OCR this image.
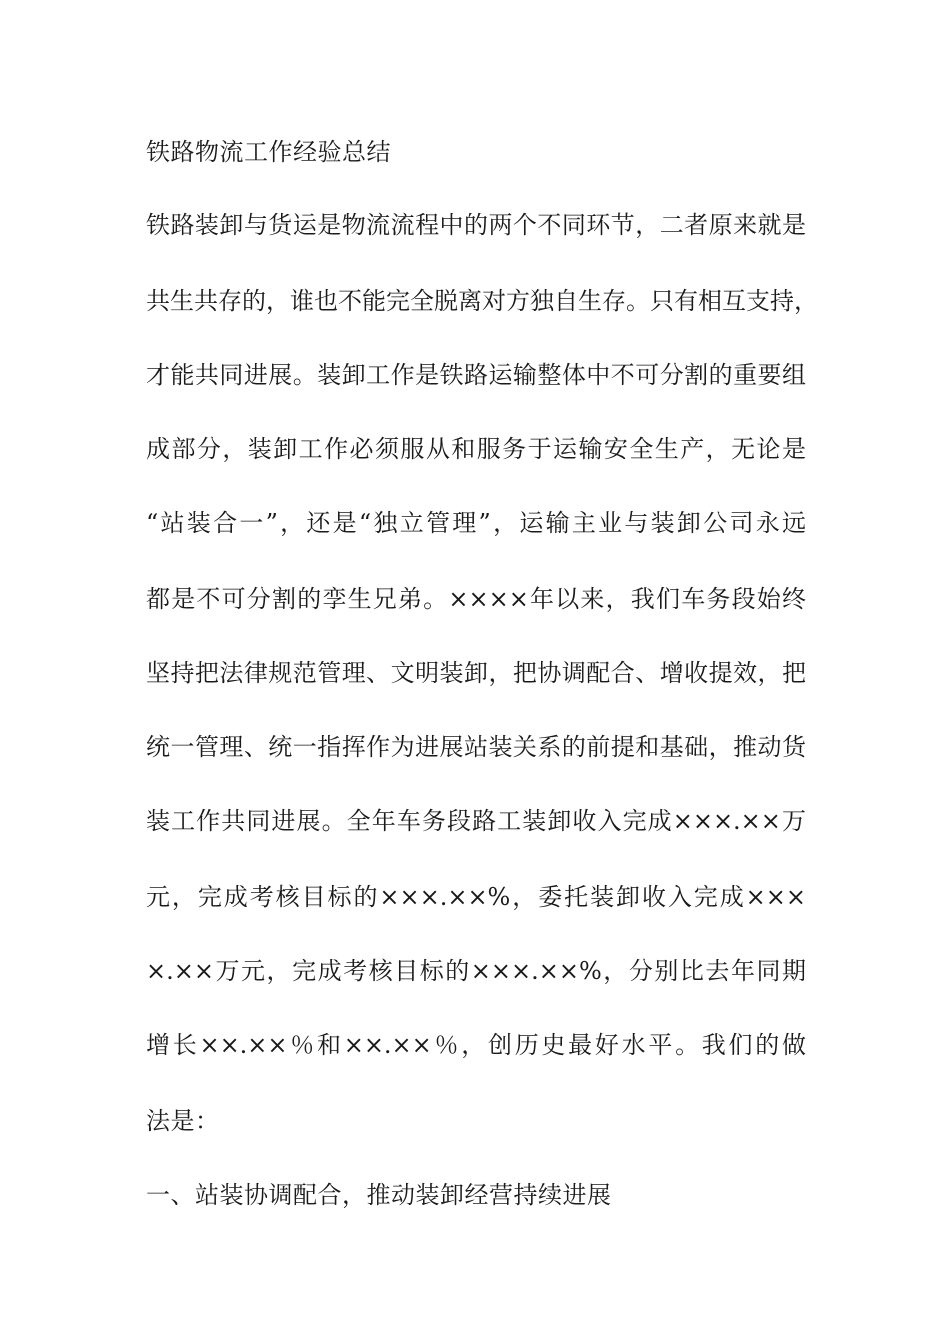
铁路物流工作经验总结
铁路装卸与货运是物流流程中的两个不同环节，二者原来就是
共生共存的，谁也不能完全脱离对方独自生存。只有相互支持，
才能共同进展。装卸工作是铁路运输整体中不可分割的重要组
成部分，装卸工作必须服从和服务于运输安全生产，无论是
“站装合一”，还是“独立管理”，运输主业与装卸公司永远
都是不可分割的孪生兄弟。××××年以来，我们车务段始终
坚持把法律规范管理、文明装卸，把协调配合、增收提效，把
统一管理、统一指挥作为进展站装关系的前提和基础，推动货
装工作共同进展。全年车务段路工装卸收入完成×××.××万
元，完成考核目标的×××.××%，委托装卸收入完成×××
×.××万元，完成考核目标的×××.××%，分别比去年同期
增长××.××％和××.××％，创历史最好水平。我们的做
法是：
一、站装协调配合，推动装卸经营持续进展
